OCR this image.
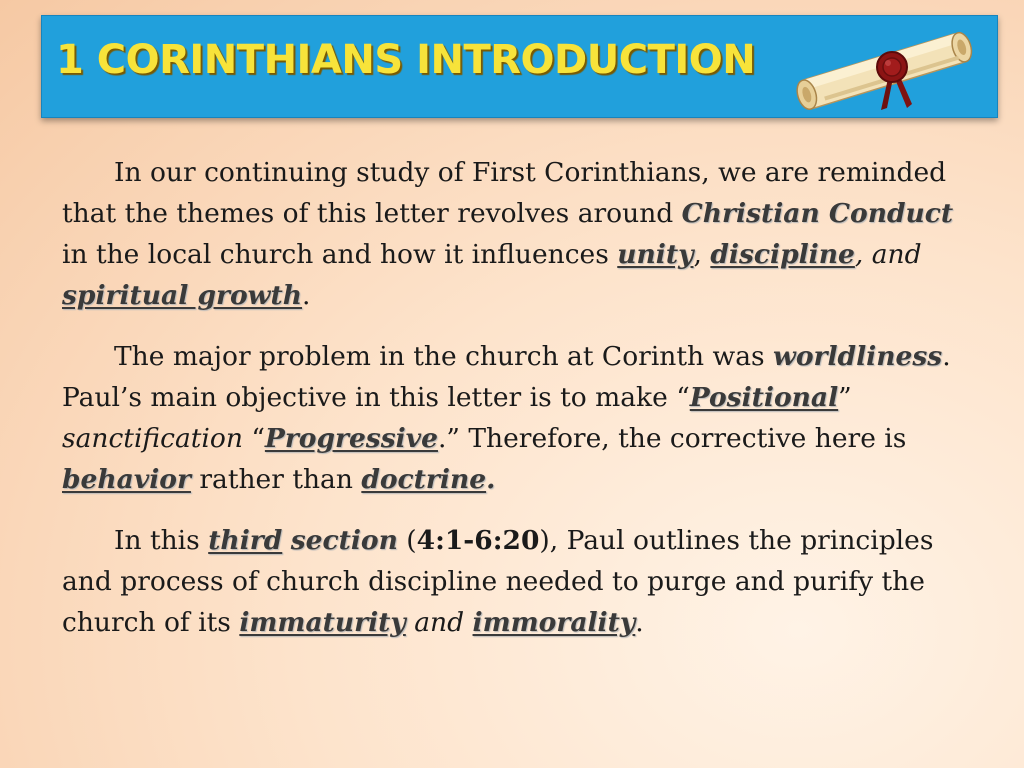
1 CORINTHIANS INTRODUCTION

In our continuing study of First Corinthians, we are reminded that the themes of this letter revolves around Christian Conduct in the local church and how it influences unity, discipline, and spiritual growth.

The major problem in the church at Corinth was worldliness. Paul’s main objective in this letter is to make “Positional” sanctification “Progressive.” Therefore, the corrective here is behavior rather than doctrine.

In this third section (4:1-6:20), Paul outlines the principles and process of church discipline needed to purge and purify the church of its immaturity and immorality.
